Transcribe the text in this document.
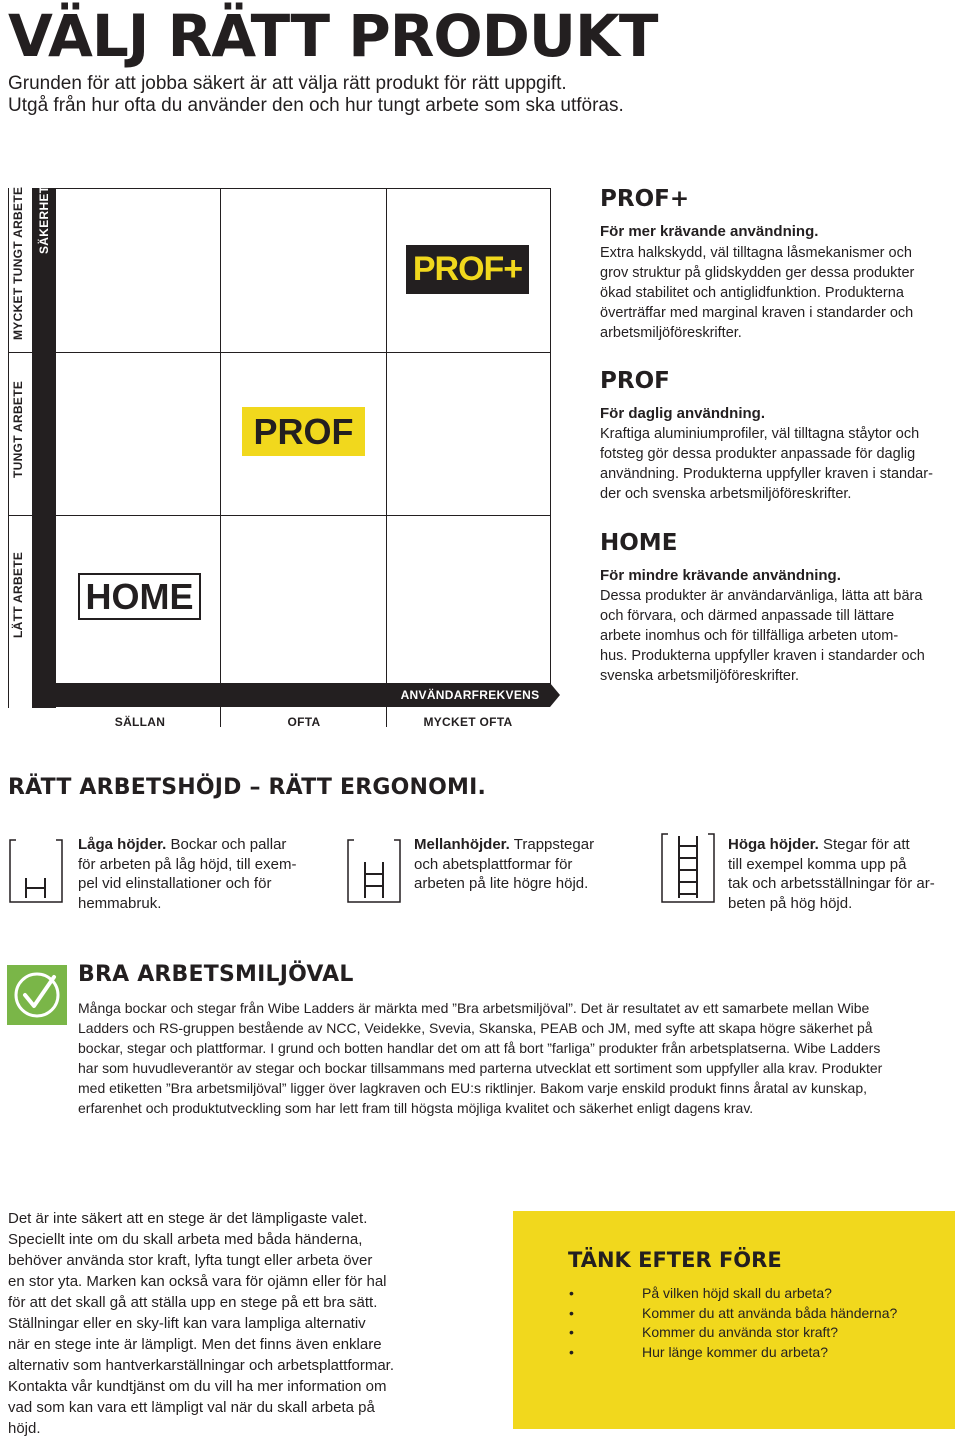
VÄLJ RÄTT PRODUKT
Grunden för att jobba säkert är att välja rätt produkt för rätt uppgift.
Utgå från hur ofta du använder den och hur tungt arbete som ska utföras.
MYCKET TUNGT ARBETE
TUNGT ARBETE
LÄTT ARBETE
SÄKERHET
SÄLLAN	OFTA	MYCKET OFTA
ANVÄNDARFREKVENS
PROF+
PROF
HOME
PROF+
För mer krävande användning.
Extra halkskydd, väl tilltagna låsmekanismer och
grov struktur på glidskydden ger dessa produkter
ökad stabilitet och antiglidfunktion. Produkterna
överträffar med marginal kraven i standarder och
arbetsmiljöföreskrifter.
PROF
För daglig användning.
Kraftiga aluminiumprofiler, väl tilltagna ståytor och
fotsteg gör dessa produkter anpassade för daglig
användning. Produkterna uppfyller kraven i standar-
der och svenska arbetsmiljöföreskrifter.
HOME
För mindre krävande användning.
Dessa produkter är användarvänliga, lätta att bära
och förvara, och därmed anpassade till lättare
arbete inomhus och för tillfälliga arbeten utom-
hus. Produkterna uppfyller kraven i standarder och
svenska arbetsmiljöföreskrifter.
RÄTT ARBETSHÖJD – RÄTT ERGONOMI.
Låga höjder. Bockar och pallar
för arbeten på låg höjd, till exem-
pel vid elinstallationer och för
hemmabruk.
Mellanhöjder. Trappstegar
och abetsplattformar för
arbeten på lite högre höjd.
Höga höjder. Stegar för att
till exempel komma upp på
tak och arbetsställningar för ar-
beten på hög höjd.
BRA ARBETSMILJÖVAL
Många bockar och stegar från Wibe Ladders är märkta med ”Bra arbetsmiljöval”. Det är resultatet av ett samarbete mellan Wibe
Ladders och RS-gruppen bestående av NCC, Veidekke, Svevia, Skanska, PEAB och JM, med syfte att skapa högre säkerhet på
bockar, stegar och plattformar. I grund och botten handlar det om att få bort ”farliga” produkter från arbetsplatserna. Wibe Ladders
har som huvudleverantör av stegar och bockar tillsammans med parterna utvecklat ett sortiment som uppfyller alla krav. Produkter
med etiketten ”Bra arbetsmiljöval” ligger över lagkraven och EU:s riktlinjer. Bakom varje enskild produkt finns åratal av kunskap,
erfarenhet och produktutveckling som har lett fram till högsta möjliga kvalitet och säkerhet enligt dagens krav.
Det är inte säkert att en stege är det lämpligaste valet.
Speciellt inte om du skall arbeta med båda händerna,
behöver använda stor kraft, lyfta tungt eller arbeta över
en stor yta. Marken kan också vara för ojämn eller för hal
för att det skall gå att ställa upp en stege på ett bra sätt.
Ställningar eller en sky-lift kan vara lampliga alternativ
när en stege inte är lämpligt. Men det finns även enklare
alternativ som hantverkarställningar och arbetsplattformar.
Kontakta vår kundtjänst om du vill ha mer information om
vad som kan vara ett lämpligt val när du skall arbeta på
höjd.
TÄNK EFTER FÖRE
•	På vilken höjd skall du arbeta?
•	Kommer du att använda båda händerna?
•	Kommer du använda stor kraft?
•	Hur länge kommer du arbeta?
